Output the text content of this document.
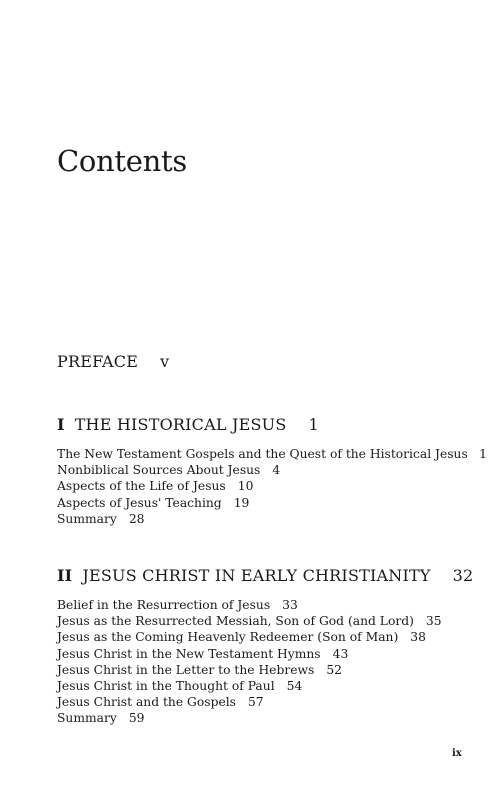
Contents
PREFACE v
I THE HISTORICAL JESUS 1
The New Testament Gospels and the Quest of the Historical Jesus 1
Nonbiblical Sources About Jesus 4
Aspects of the Life of Jesus 10
Aspects of Jesus' Teaching 19
Summary 28
II JESUS CHRIST IN EARLY CHRISTIANITY 32
Belief in the Resurrection of Jesus 33
Jesus as the Resurrected Messiah, Son of God (and Lord) 35
Jesus as the Coming Heavenly Redeemer (Son of Man) 38
Jesus Christ in the New Testament Hymns 43
Jesus Christ in the Letter to the Hebrews 52
Jesus Christ in the Thought of Paul 54
Jesus Christ and the Gospels 57
Summary 59
ix
